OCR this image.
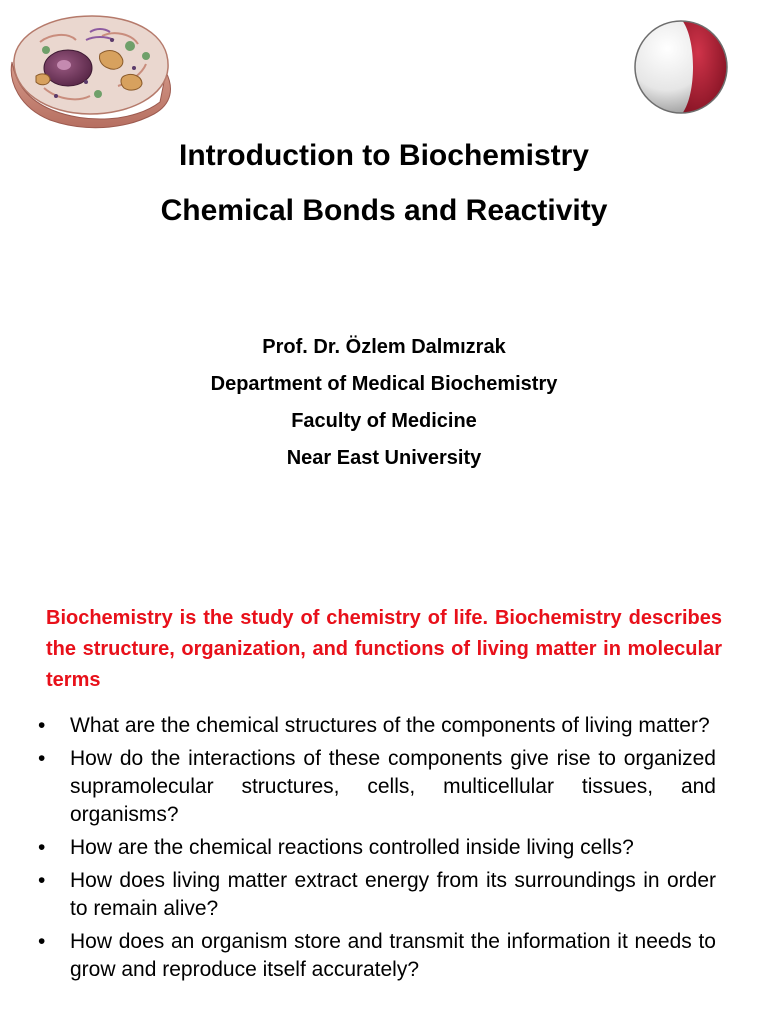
Introduction to Biochemistry
Chemical Bonds and Reactivity
Prof. Dr. Özlem Dalmızrak
Department of Medical Biochemistry
Faculty of Medicine
Near East University
Biochemistry is the study of chemistry of life. Biochemistry describes the structure, organization, and functions of living matter in molecular terms
•	What are the chemical structures of the components of living matter?
•	How do the interactions of these components give rise to organized supramolecular structures, cells, multicellular tissues, and organisms?
•	How are the chemical reactions controlled inside living cells?
•	How does living matter extract energy from its surroundings in order to remain alive?
•	How does an organism store and transmit the information it needs to grow and reproduce itself accurately?
